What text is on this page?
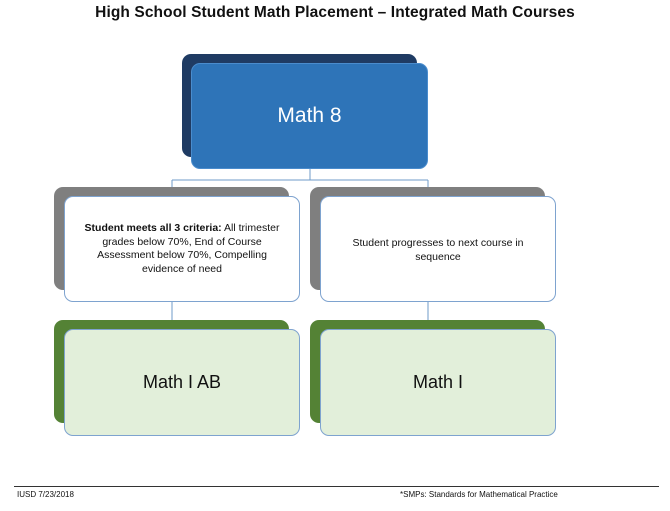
High School Student Math Placement – Integrated Math Courses
Math 8
Student meets all 3 criteria: All trimester grades below 70%, End of Course Assessment below 70%, Compelling evidence of need
Student progresses to next course in sequence
Math I AB	Math I
IUSD 7/23/2018	*SMPs: Standards for Mathematical Practice
